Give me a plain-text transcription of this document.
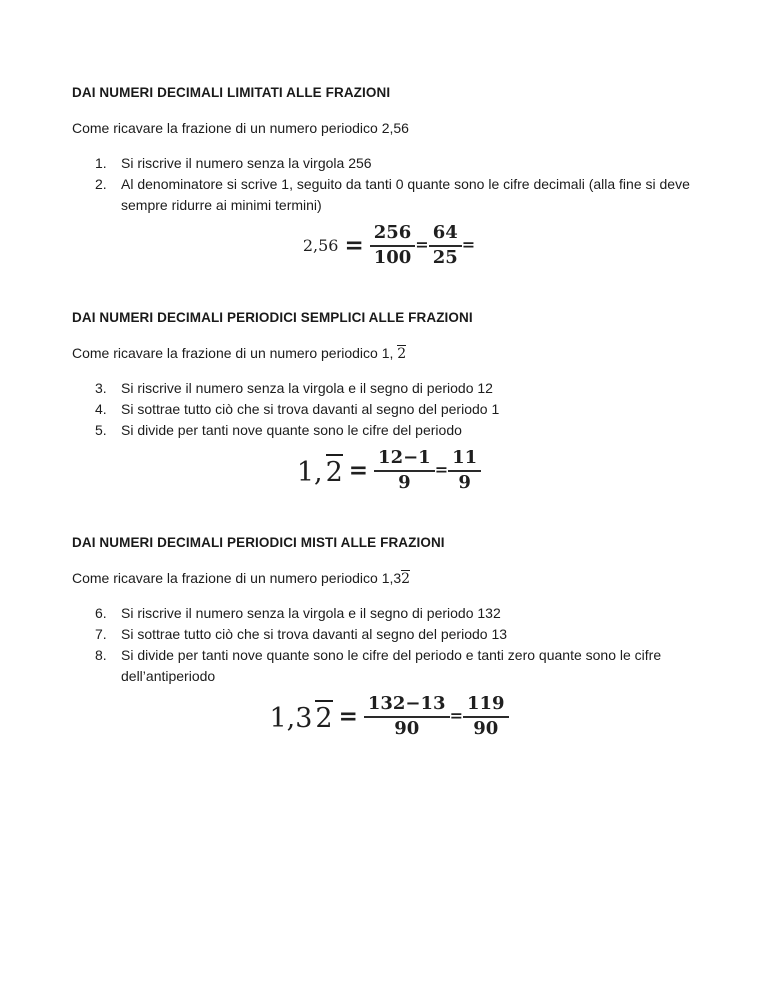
DAI NUMERI DECIMALI LIMITATI ALLE FRAZIONI

Come ricavare la frazione di un numero periodico 2,56

1.	Si riscrive il numero senza la virgola 256
2.	Al denominatore si scrive 1, seguito da tanti 0 quante sono le cifre decimali (alla fine si deve sempre ridurre ai minimi termini)
$2,56 = \frac{256}{100} = \frac{64}{25}$ =
DAI NUMERI DECIMALI PERIODICI SEMPLICI ALLE FRAZIONI

Come ricavare la frazione di un numero periodico 1, 2

3.	Si riscrive il numero senza la virgola e il segno di periodo 12
4.	Si sottrae tutto ciò che si trova davanti al segno del periodo 1
5.	Si divide per tanti nove quante sono le cifre del periodo
1, $2 = \frac{12-1}{9} = \frac{11}{9}$
DAI NUMERI DECIMALI PERIODICI MISTI ALLE FRAZIONI

Come ricavare la frazione di un numero periodico 1,32

6.	Si riscrive il numero senza la virgola e il segno di periodo 132
7.	Si sottrae tutto ciò che si trova davanti al segno del periodo 13
8.	Si divide per tanti nove quante sono le cifre del periodo e tanti zero quante sono le cifre dell’antiperiodo
1,3 $2 = \frac{132-13}{90} = \frac{119}{90}$
